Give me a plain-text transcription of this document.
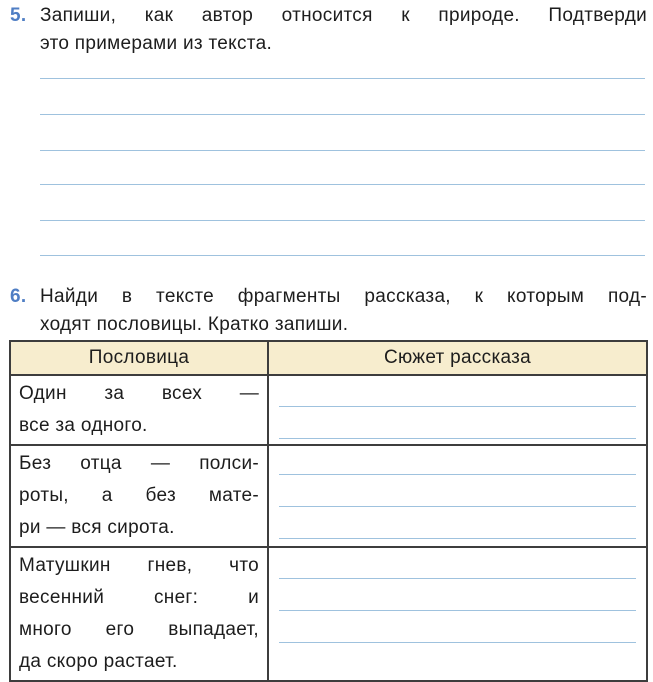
5. Запиши, как автор относится к природе. Подтверди
это примерами из текста.
6. Найди в тексте фрагменты рассказа, к которым под-
ходят пословицы. Кратко запиши.
Пословица	Сюжет рассказа

Один за всех —
все за одного.	

Без отца — полси-
роты, а без мате-
ри — вся сирота.	

Матушкин гнев, что
весенний снег: и
много его выпадает,
да скоро растает.	
